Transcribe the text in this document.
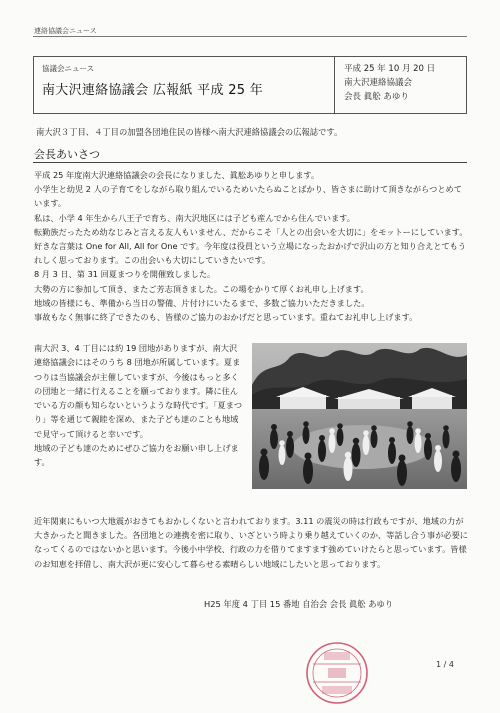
連絡協議会ニュース
協議会ニュース
南大沢連絡協議会 広報紙 平成 25 年
平成 25 年 10 月 20 日
南大沢連絡協議会
会長 眞舩 あゆり
南大沢３丁目、４丁目の加盟各団地住民の皆様へ南大沢連絡協議会の広報誌です。
会長あいさつ

平成 25 年度南大沢連絡協議会の会長になりました、眞舩あゆりと申します。

小学生と幼児 2 人の子育てをしながら取り組んでいるためいたらぬことばかり、皆さまに助けて頂きながらつとめています。

私は、小学 4 年生から八王子で育ち、南大沢地区には子ども産んでから住んでいます。

転勤族だったため幼なじみと言える友人もいません、だからこそ「人との出会いを大切に」をモットーにしています。好きな言葉は One for All, All for One です。今年度は役員という立場になったおかげで沢山の方と知り合えとてもうれしく思っております。この出会いも大切にしていきたいです。

8 月 3 日、第 31 回夏まつりを開催致しました。

大勢の方に参加して頂き、またご芳志頂きました。この場をかりて厚くお礼申し上げます。

地域の皆様にも、準備から当日の警備、片付けにいたるまで、多数ご協力いただきました。

事故もなく無事に終了できたのも、皆様のご協力のおかげだと思っています。重ねてお礼申し上げます。

南大沢 3、4 丁目には約 19 団地がありますが、南大沢連絡協議会にはそのうち 8 団地が所属しています。夏まつりは当協議会が主催していますが、今後はもっと多くの団地と一緒に行えることを願っております。隣に住んでいる方の顔も知らないというような時代です。「夏まつり」等を通じて親睦を深め、また子ども達のことも地域で見守って頂けると幸いです。

地域の子ども達のためにぜひご協力をお願い申し上げます。

近年関東にもいつ大地震がおきてもおかしくないと言われております。3.11 の震災の時は行政もですが、地域の力が大きかったと聞きました。各団地との連携を密に取り、いざという時より乗り越えていくのか、等話し合う事が必要になってくるのではないかと思います。今後小中学校、行政の力を借りてますます強めていけたらと思っています。皆様のお知恵を拝借し、南大沢が更に安心して暮らせる素晴らしい地域にしたいと思っております。

H25 年度 4 丁目 15 番地 自治会 会長 眞舩 あゆり
1 / 4
